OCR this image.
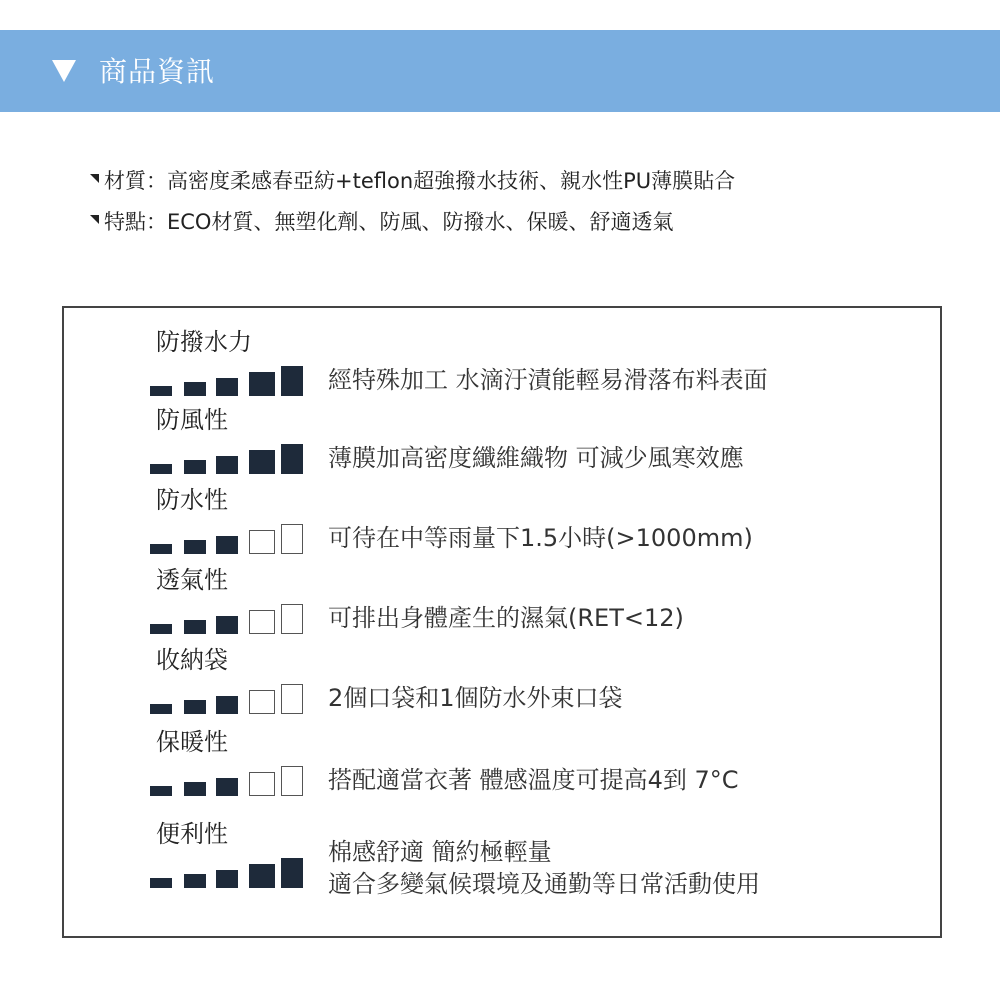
商品資訊
材質：高密度柔感春亞紡+teflon超強撥水技術、親水性PU薄膜貼合
特點：ECO材質、無塑化劑、防風、防撥水、保暖、舒適透氣
防撥水力
經特殊加工 水滴汙漬能輕易滑落布料表面
防風性
薄膜加高密度纖維織物 可減少風寒效應
防水性
可待在中等雨量下1.5小時(>1000mm)
透氣性
可排出身體產生的濕氣(RET<12)
收納袋
2個口袋和1個防水外束口袋
保暖性
搭配適當衣著 體感溫度可提高4到 7°C
便利性
棉感舒適 簡約極輕量
適合多變氣候環境及通勤等日常活動使用
